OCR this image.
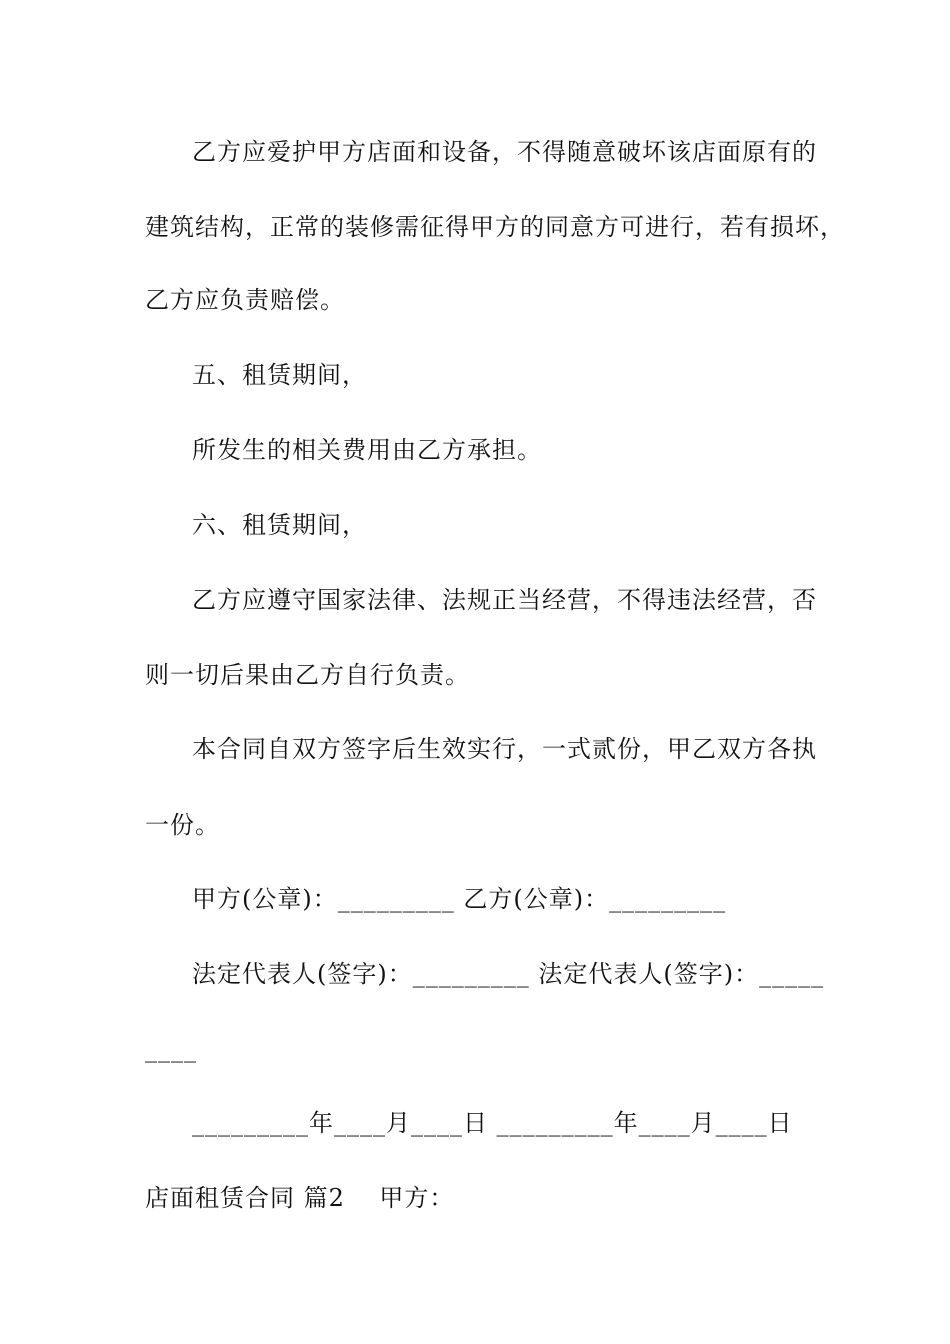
乙方应爱护甲方店面和设备，不得随意破坏该店面原有的
建筑结构，正常的装修需征得甲方的同意方可进行，若有损坏，
乙方应负责赔偿。
五、租赁期间，
所发生的相关费用由乙方承担。
六、租赁期间，
乙方应遵守国家法律、法规正当经营，不得违法经营，否
则一切后果由乙方自行负责。
本合同自双方签字后生效实行，一式贰份，甲乙双方各执
一份。
甲方(公章)：_________ 乙方(公章)：_________
法定代表人(签字)：_________ 法定代表人(签字)：_____
____
_________年____月____日 _________年____月____日
店面租赁合同 篇2    甲方：
